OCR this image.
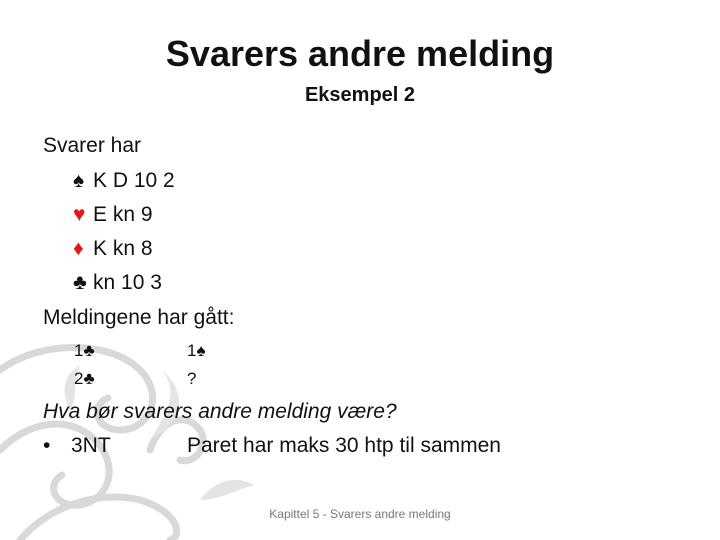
Svarers andre melding
Eksempel 2
Svarer har
♠ K D 10 2
♥ E kn 9
♦ K kn 8
♣ kn 10 3
Meldingene har gått:
1♣	1♠
2♣	?
Hva bør svarers andre melding være?
• 3NT	Paret har maks 30 htp til sammen
Kapittel 5 - Svarers andre melding
